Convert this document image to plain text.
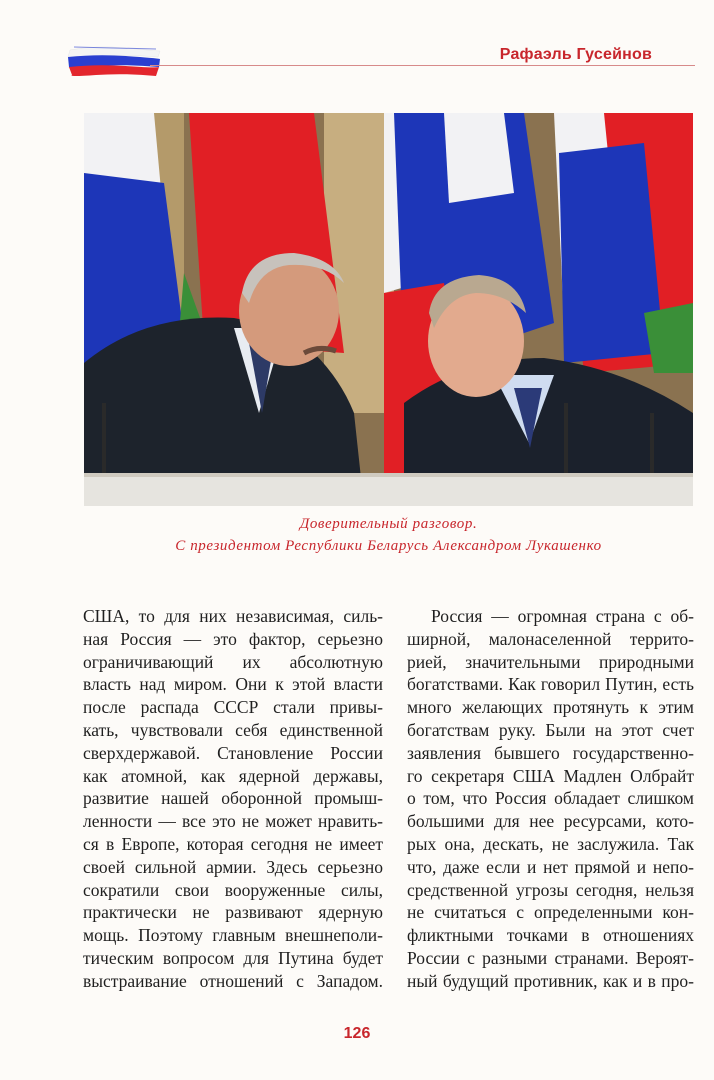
Рафаэль Гусейнов
Доверительный разговор.
С президентом Республики Беларусь Александром Лукашенко
США, то для них независимая, силь-
ная Россия — это фактор, серьезно
ограничивающий их абсолютную
власть над миром. Они к этой власти
после распада СССР стали привы-
кать, чувствовали себя единственной
сверхдержавой. Становление России
как атомной, как ядерной державы,
развитие нашей оборонной промыш-
ленности — все это не может нравить-
ся в Европе, которая сегодня не имеет
своей сильной армии. Здесь серьезно
сократили свои вооруженные силы,
практически не развивают ядерную
мощь. Поэтому главным внешнеполи-
тическим вопросом для Путина будет
выстраивание отношений с Западом.
Россия — огромная страна с об-
ширной, малонаселенной террито-
рией, значительными природными
богатствами. Как говорил Путин, есть
много желающих протянуть к этим
богатствам руку. Были на этот счет
заявления бывшего государственно-
го секретаря США Мадлен Олбрайт
о том, что Россия обладает слишком
большими для нее ресурсами, кото-
рых она, дескать, не заслужила. Так
что, даже если и нет прямой и непо-
средственной угрозы сегодня, нельзя
не считаться с определенными кон-
фликтными точками в отношениях
России с разными странами. Вероят-
ный будущий противник, как и в про-
126
